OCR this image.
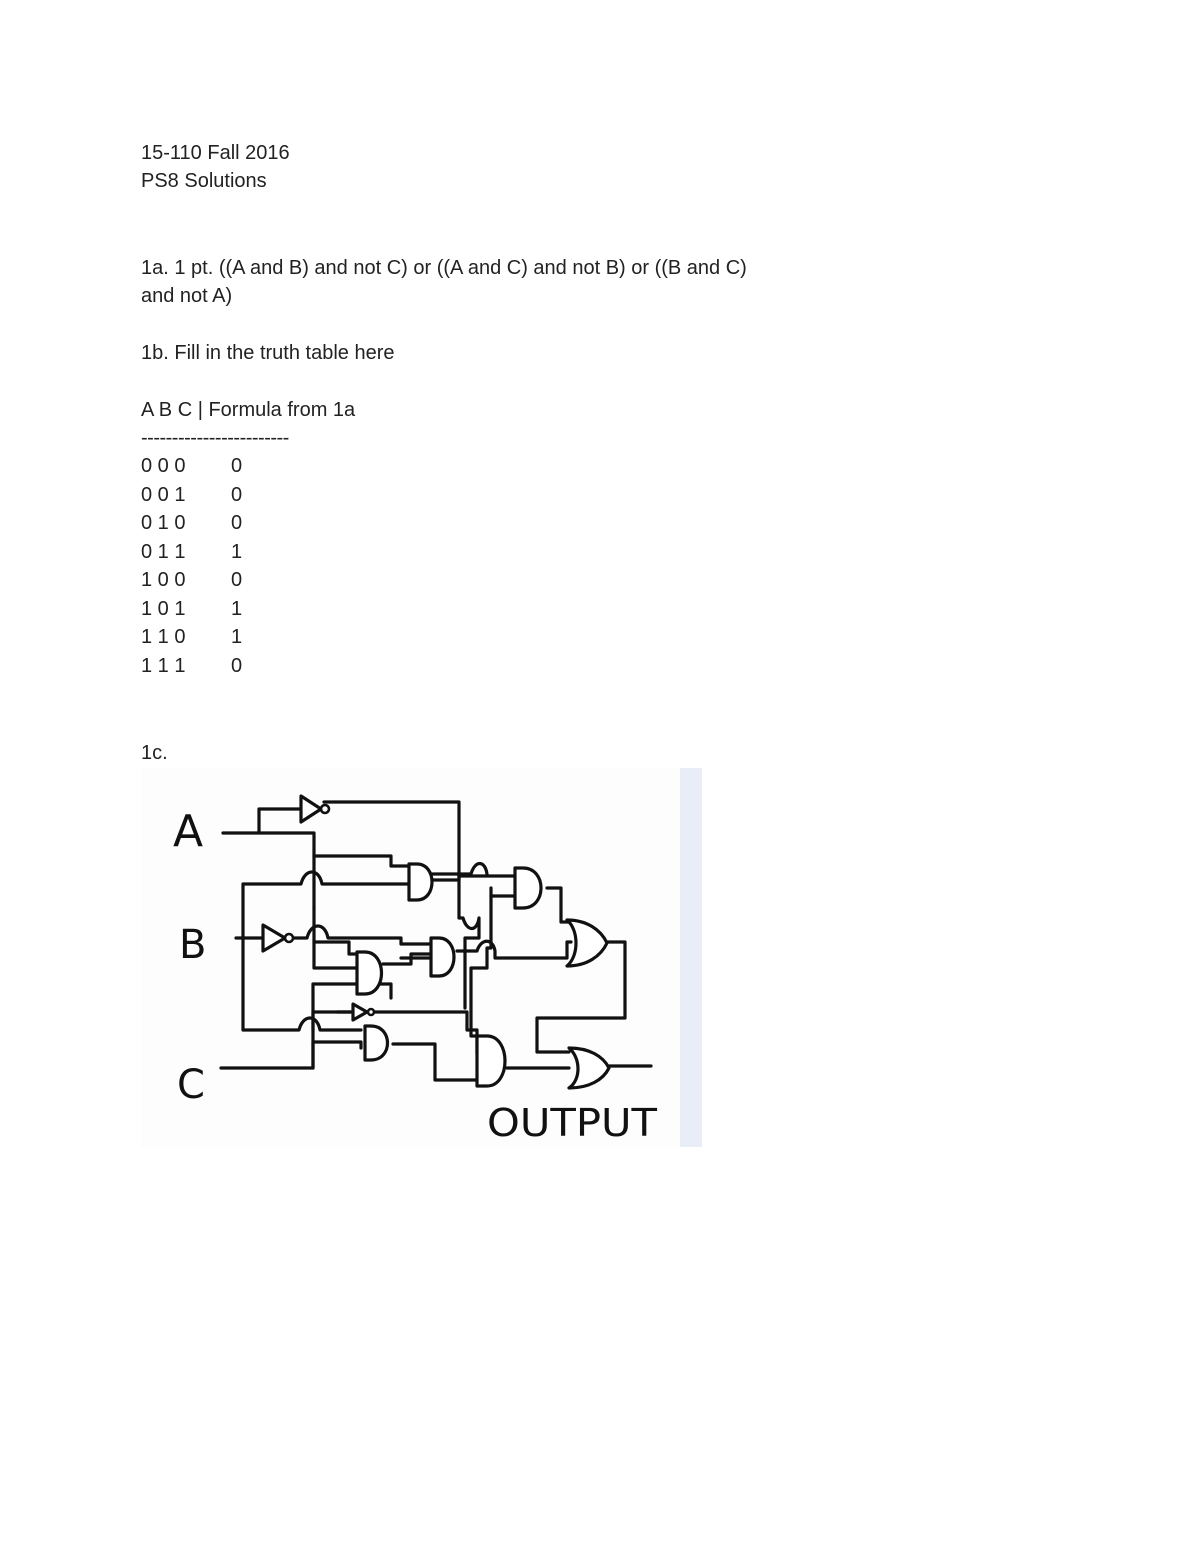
15-110 Fall 2016
PS8 Solutions
1a. 1 pt. ((A and B) and not C) or ((A and C) and not B) or ((B and C)
and not A)
1b. Fill in the truth table here
A B C | Formula from 1a
------------------------
0 0 0 0
0 0 1 0
0 1 0 0
0 1 1 1
1 0 0 0
1 0 1 1
1 1 0 1
1 1 1 0
1c.
A
B
C
OUTPUT
